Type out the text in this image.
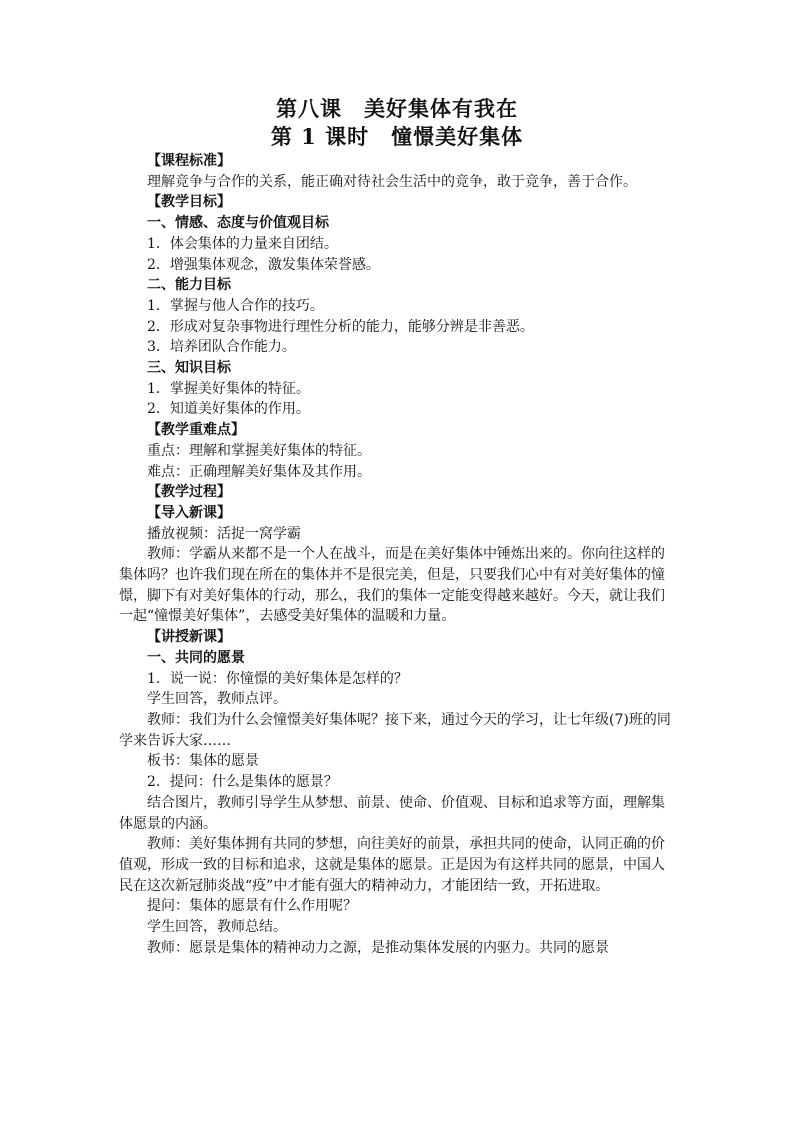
第八课　美好集体有我在
第 1 课时　憧憬美好集体

【课程标准】

理解竞争与合作的关系，能正确对待社会生活中的竞争，敢于竞争，善于合作。

【教学目标】

一、情感、态度与价值观目标

1．体会集体的力量来自团结。

2．增强集体观念，激发集体荣誉感。

二、能力目标

1．掌握与他人合作的技巧。

2．形成对复杂事物进行理性分析的能力，能够分辨是非善恶。

3．培养团队合作能力。

三、知识目标

1．掌握美好集体的特征。

2．知道美好集体的作用。

【教学重难点】

重点：理解和掌握美好集体的特征。

难点：正确理解美好集体及其作用。

【教学过程】

【导入新课】

播放视频：活捉一窝学霸

教师：学霸从来都不是一个人在战斗，而是在美好集体中锤炼出来的。你向往这样的集体吗？也许我们现在所在的集体并不是很完美，但是，只要我们心中有对美好集体的憧憬，脚下有对美好集体的行动，那么，我们的集体一定能变得越来越好。今天，就让我们一起“憧憬美好集体”，去感受美好集体的温暖和力量。

【讲授新课】

一、共同的愿景

1．说一说：你憧憬的美好集体是怎样的？

学生回答，教师点评。

教师：我们为什么会憧憬美好集体呢？接下来，通过今天的学习，让七年级(7)班的同学来告诉大家……

板书：集体的愿景

2．提问：什么是集体的愿景？

结合图片，教师引导学生从梦想、前景、使命、价值观、目标和追求等方面，理解集体愿景的内涵。

教师：美好集体拥有共同的梦想，向往美好的前景，承担共同的使命，认同正确的价值观，形成一致的目标和追求，这就是集体的愿景。正是因为有这样共同的愿景，中国人民在这次新冠肺炎战“疫”中才能有强大的精神动力，才能团结一致，开拓进取。

提问：集体的愿景有什么作用呢？

学生回答，教师总结。

教师：愿景是集体的精神动力之源，是推动集体发展的内驱力。共同的愿景
